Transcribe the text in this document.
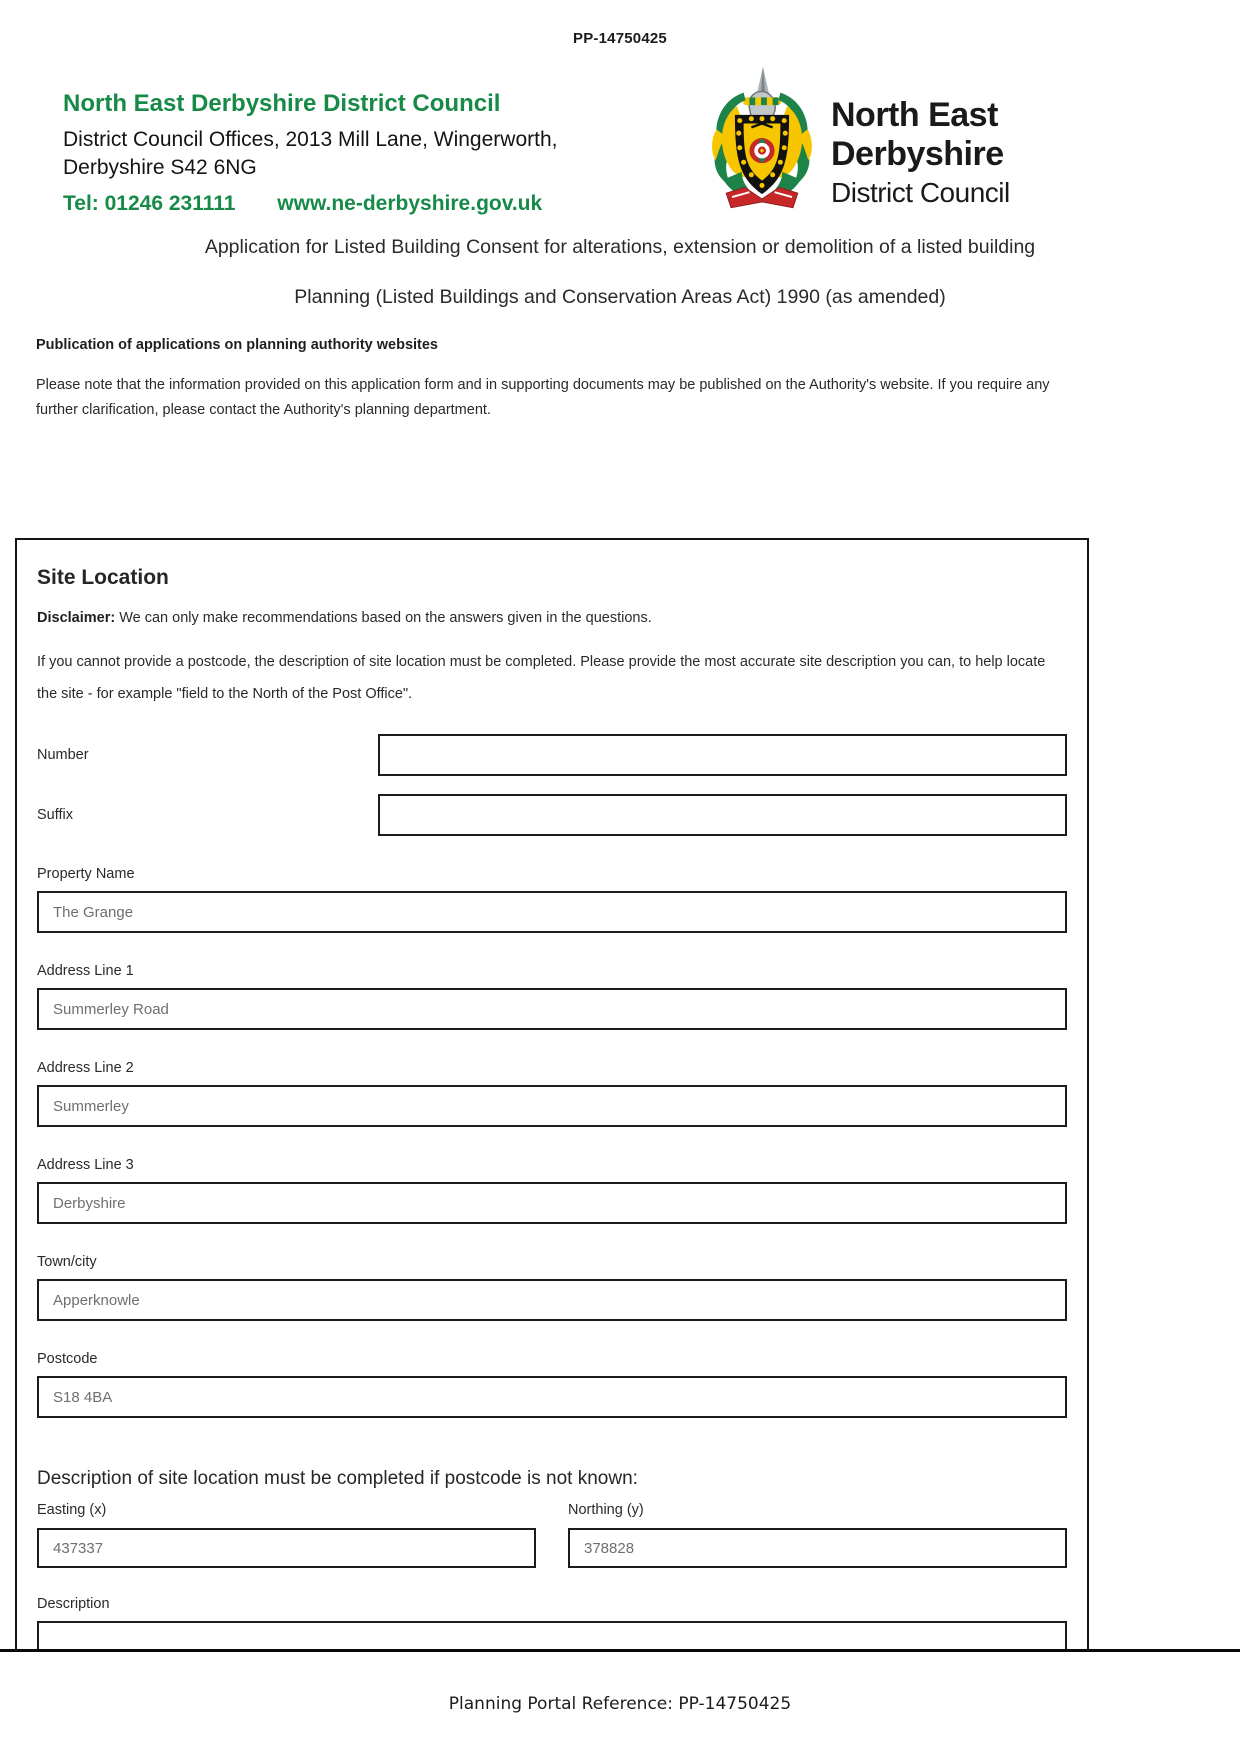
PP-14750425
North East Derbyshire District Council
District Council Offices, 2013 Mill Lane, Wingerworth,
Derbyshire S42 6NG
Tel: 01246 231111 www.ne-derbyshire.gov.uk
North East
Derbyshire
District Council
Application for Listed Building Consent for alterations, extension or demolition of a listed building
Planning (Listed Buildings and Conservation Areas Act) 1990 (as amended)
Publication of applications on planning authority websites
Please note that the information provided on this application form and in supporting documents may be published on the Authority's website. If you require any further clarification, please contact the Authority's planning department.
Site Location

Disclaimer: We can only make recommendations based on the answers given in the questions.

If you cannot provide a postcode, the description of site location must be completed. Please provide the most accurate site description you can, to help locate the site - for example "field to the North of the Post Office".

Number
Suffix
Property Name
The Grange
Address Line 1
Summerley Road
Address Line 2
Summerley
Address Line 3
Derbyshire
Town/city
Apperknowle
Postcode
S18 4BA
Description of site location must be completed if postcode is not known:
Easting (x)
437337	Northing (y)
378828
Description
Planning Portal Reference: PP-14750425
